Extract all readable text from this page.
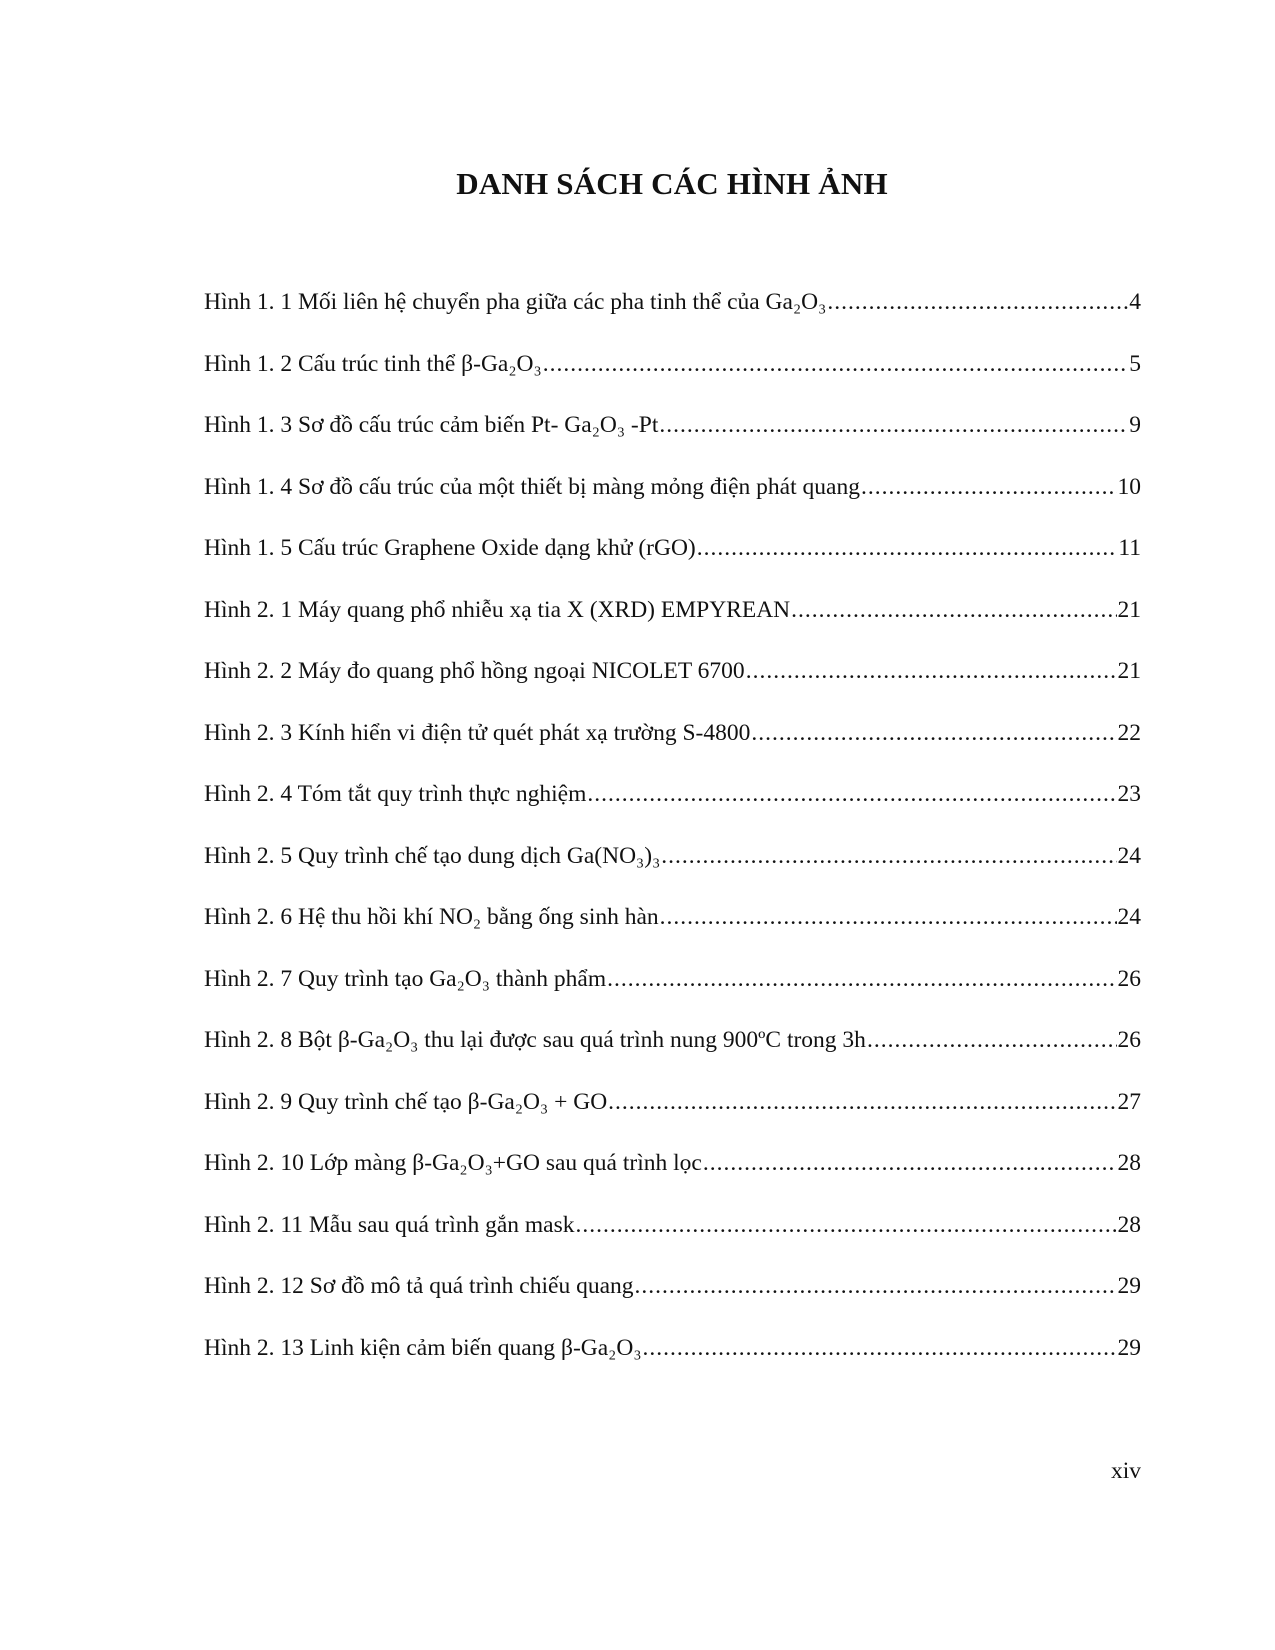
DANH SÁCH CÁC HÌNH ẢNH
Hình 1. 1 Mối liên hệ chuyển pha giữa các pha tinh thể của Ga₂O₃ .....	4
Hình 1. 2 Cấu trúc tinh thể β-Ga₂O₃ .....	5
Hình 1. 3 Sơ đồ cấu trúc cảm biến Pt- Ga₂O₃ -Pt .....	9
Hình 1. 4 Sơ đồ cấu trúc của một thiết bị màng mỏng điện phát quang .....	10
Hình 1. 5 Cấu trúc Graphene Oxide dạng khử (rGO) .....	11
Hình 2. 1 Máy quang phổ nhiễu xạ tia X (XRD) EMPYREAN .....	21
Hình 2. 2 Máy đo quang phổ hồng ngoại NICOLET 6700 .....	21
Hình 2. 3 Kính hiển vi điện tử quét phát xạ trường S-4800 .....	22
Hình 2. 4 Tóm tắt quy trình thực nghiệm .....	23
Hình 2. 5 Quy trình chế tạo dung dịch Ga(NO₃)₃ .....	24
Hình 2. 6 Hệ thu hồi khí NO₂ bằng ống sinh hàn .....	24
Hình 2. 7 Quy trình tạo Ga₂O₃ thành phẩm .....	26
Hình 2. 8 Bột β-Ga₂O₃ thu lại được sau quá trình nung 900ºC trong 3h .....	26
Hình 2. 9 Quy trình chế tạo β-Ga₂O₃ + GO .....	27
Hình 2. 10 Lớp màng β-Ga₂O₃+GO sau quá trình lọc .....	28
Hình 2. 11 Mẫu sau quá trình gắn mask .....	28
Hình 2. 12 Sơ đồ mô tả quá trình chiếu quang .....	29
Hình 2. 13 Linh kiện cảm biến quang β-Ga₂O₃ .....	29
xiv
